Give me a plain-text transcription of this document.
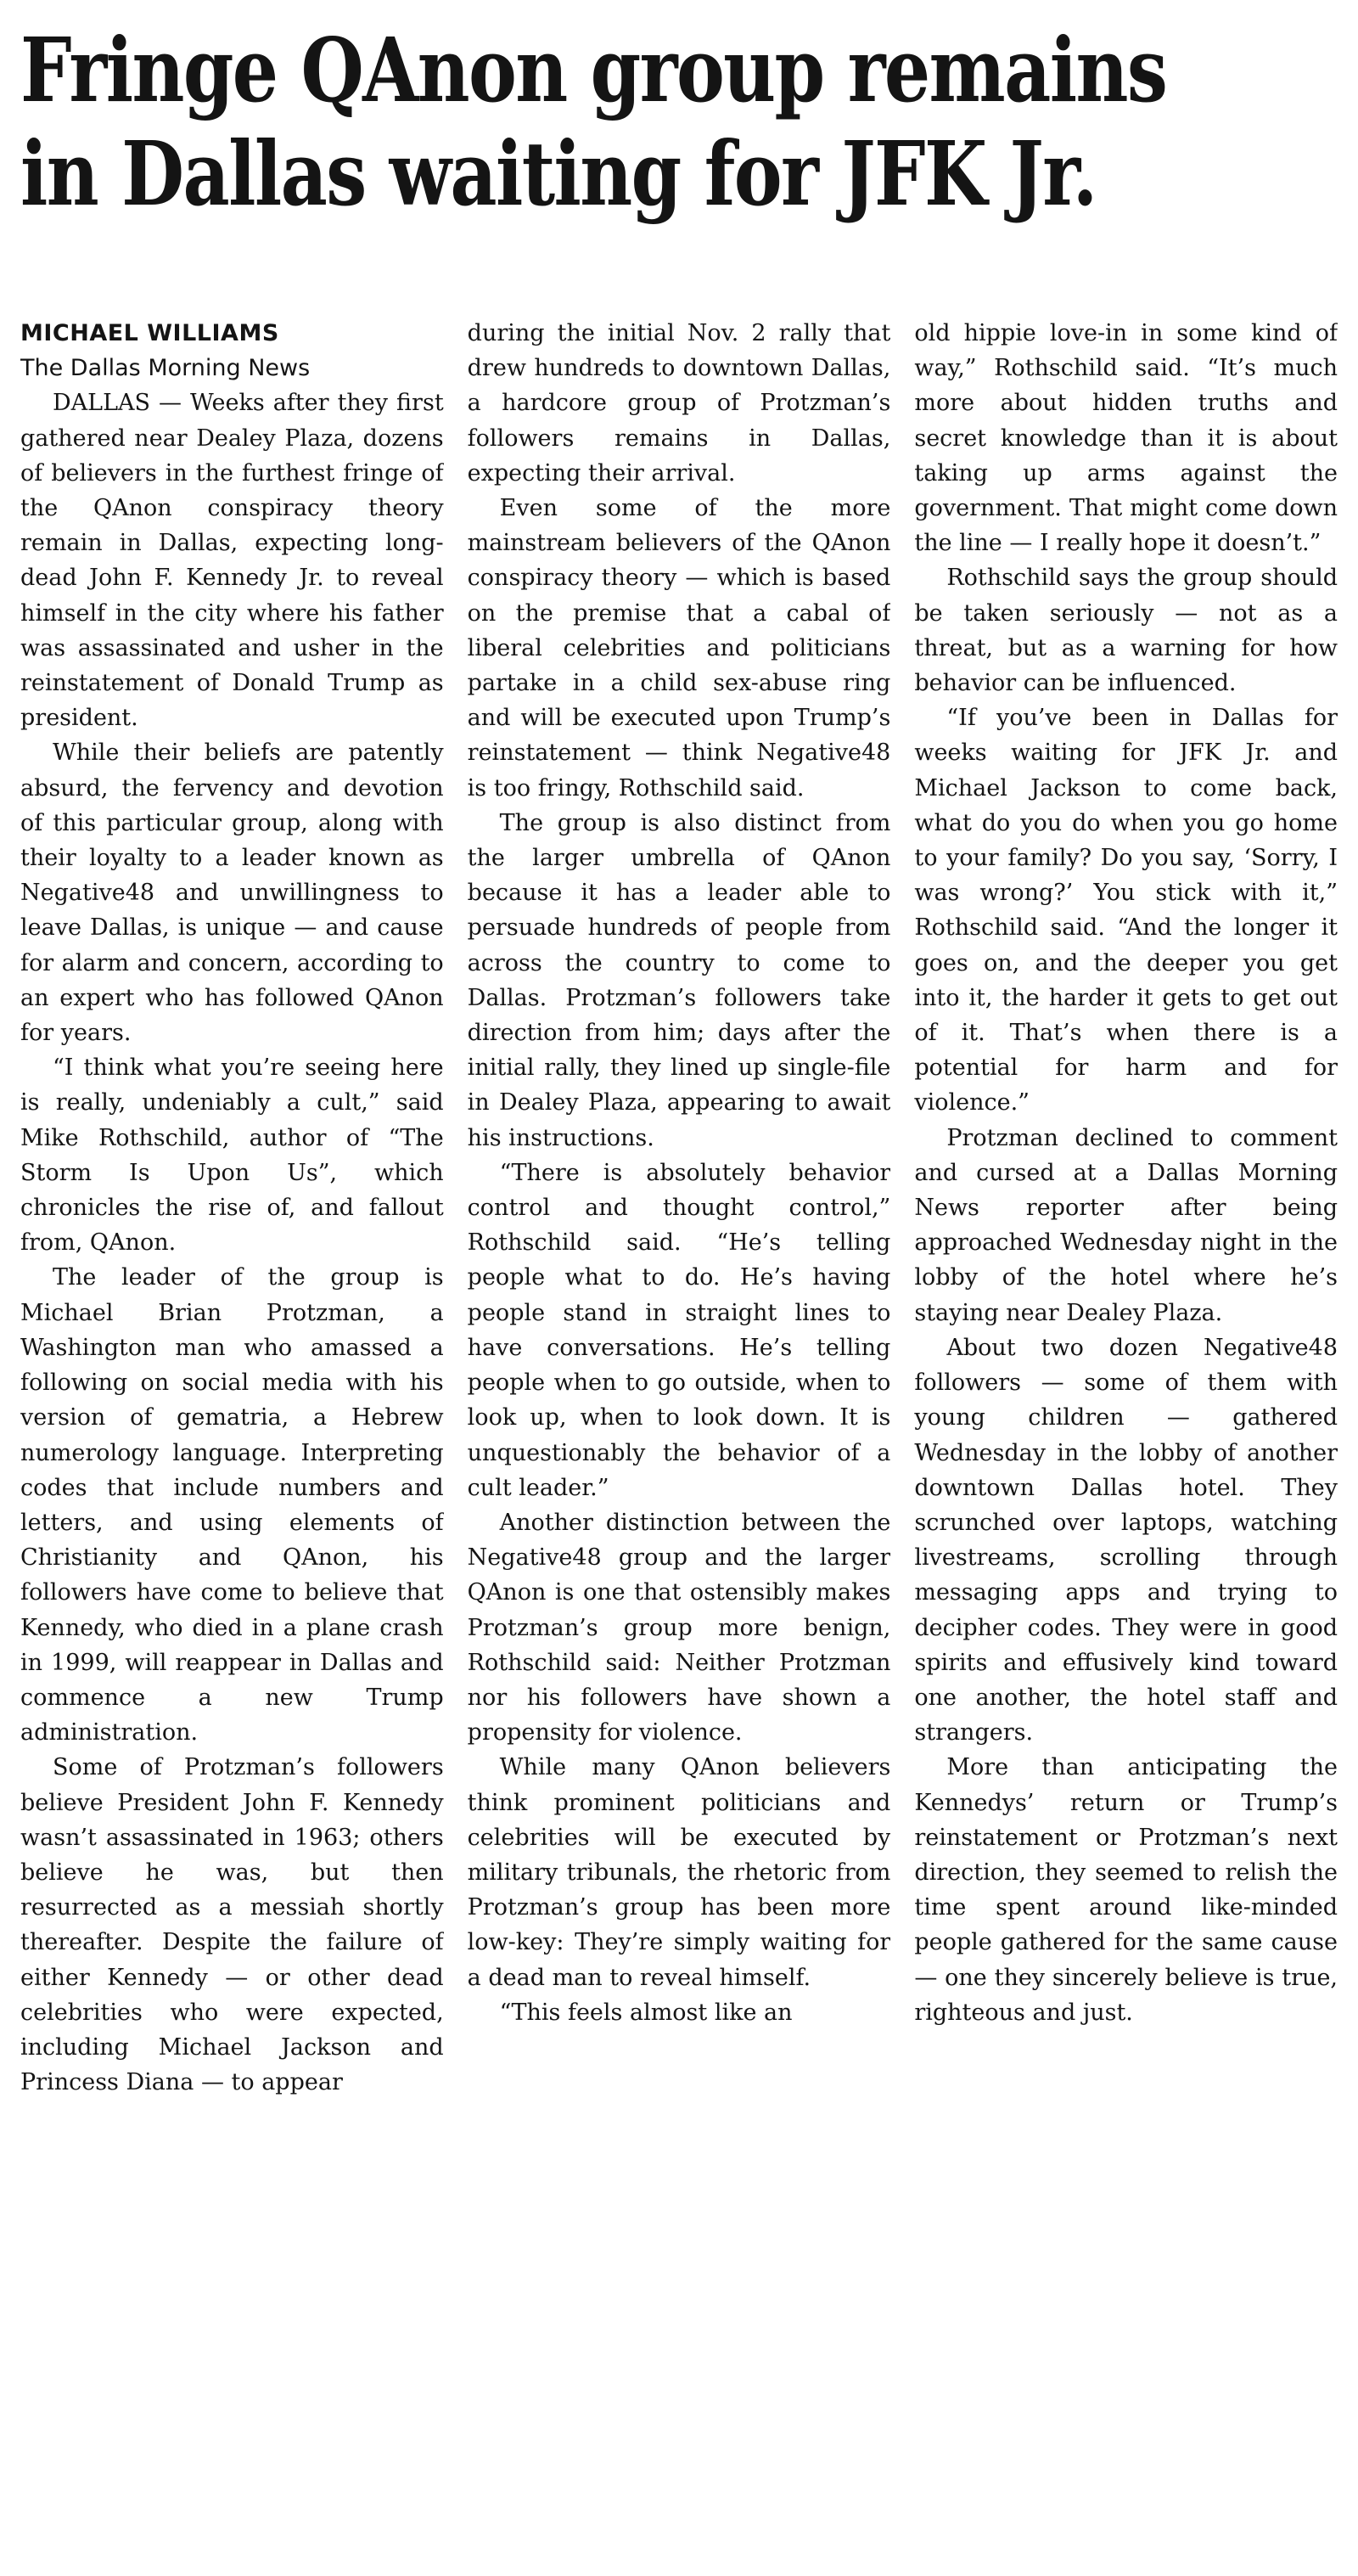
Fringe QAnon group remains
in Dallas waiting for JFK Jr.

MICHAEL WILLIAMS

The Dallas Morning News

DALLAS — Weeks after they first gathered near Dealey Plaza, dozens of believers in the furthest fringe of the QAnon conspiracy theory remain in Dallas, expecting long-dead John F. Kennedy Jr. to reveal himself in the city where his father was assassinated and usher in the reinstatement of Donald Trump as president.

While their beliefs are patently absurd, the fervency and devotion of this particular group, along with their loyalty to a leader known as Negative48 and unwillingness to leave Dallas, is unique — and cause for alarm and concern, according to an expert who has followed QAnon for years.

“I think what you’re seeing here is really, undeniably a cult,” said Mike Rothschild, author of “The Storm Is Upon Us”, which chronicles the rise of, and fallout from, QAnon.

The leader of the group is Michael Brian Protzman, a Washington man who amassed a following on social media with his version of gematria, a Hebrew numerology language. Interpreting codes that include numbers and letters, and using elements of Christianity and QAnon, his followers have come to believe that Kennedy, who died in a plane crash in 1999, will reappear in Dallas and commence a new Trump administration.

Some of Protzman’s followers believe President John F. Kennedy wasn’t assassinated in 1963; others believe he was, but then resurrected as a messiah shortly thereafter. Despite the failure of either Kennedy — or other dead celebrities who were expected, including Michael Jackson and Princess Diana — to appear

during the initial Nov. 2 rally that drew hundreds to downtown Dallas, a hardcore group of Protzman’s followers remains in Dallas, expecting their arrival.

Even some of the more mainstream believers of the QAnon conspiracy theory — which is based on the premise that a cabal of liberal celebrities and politicians partake in a child sex-abuse ring and will be executed upon Trump’s reinstatement — think Negative48 is too fringy, Rothschild said.

The group is also distinct from the larger umbrella of QAnon because it has a leader able to persuade hundreds of people from across the country to come to Dallas. Protzman’s followers take direction from him; days after the initial rally, they lined up single-file in Dealey Plaza, appearing to await his instructions.

“There is absolutely behavior control and thought control,” Rothschild said. “He’s telling people what to do. He’s having people stand in straight lines to have conversations. He’s telling people when to go outside, when to look up, when to look down. It is unquestionably the behavior of a cult leader.”

Another distinction between the Negative48 group and the larger QAnon is one that ostensibly makes Protzman’s group more benign, Rothschild said: Neither Protzman nor his followers have shown a propensity for violence.

While many QAnon believers think prominent politicians and celebrities will be executed by military tribunals, the rhetoric from Protzman’s group has been more low-key: They’re simply waiting for a dead man to reveal himself.

“This feels almost like an

old hippie love-in in some kind of way,” Rothschild said. “It’s much more about hidden truths and secret knowledge than it is about taking up arms against the government. That might come down the line — I really hope it doesn’t.”

Rothschild says the group should be taken seriously — not as a threat, but as a warning for how behavior can be influenced.

“If you’ve been in Dallas for weeks waiting for JFK Jr. and Michael Jackson to come back, what do you do when you go home to your family? Do you say, ‘Sorry, I was wrong?’ You stick with it,” Rothschild said. “And the longer it goes on, and the deeper you get into it, the harder it gets to get out of it. That’s when there is a potential for harm and for violence.”

Protzman declined to comment and cursed at a Dallas Morning News reporter after being approached Wednesday night in the lobby of the hotel where he’s staying near Dealey Plaza.

About two dozen Negative48 followers — some of them with young children — gathered Wednesday in the lobby of another downtown Dallas hotel. They scrunched over laptops, watching livestreams, scrolling through messaging apps and trying to decipher codes. They were in good spirits and effusively kind toward one another, the hotel staff and strangers.

More than anticipating the Kennedys’ return or Trump’s reinstatement or Protzman’s next direction, they seemed to relish the time spent around like-minded people gathered for the same cause — one they sincerely believe is true, righteous and just.
